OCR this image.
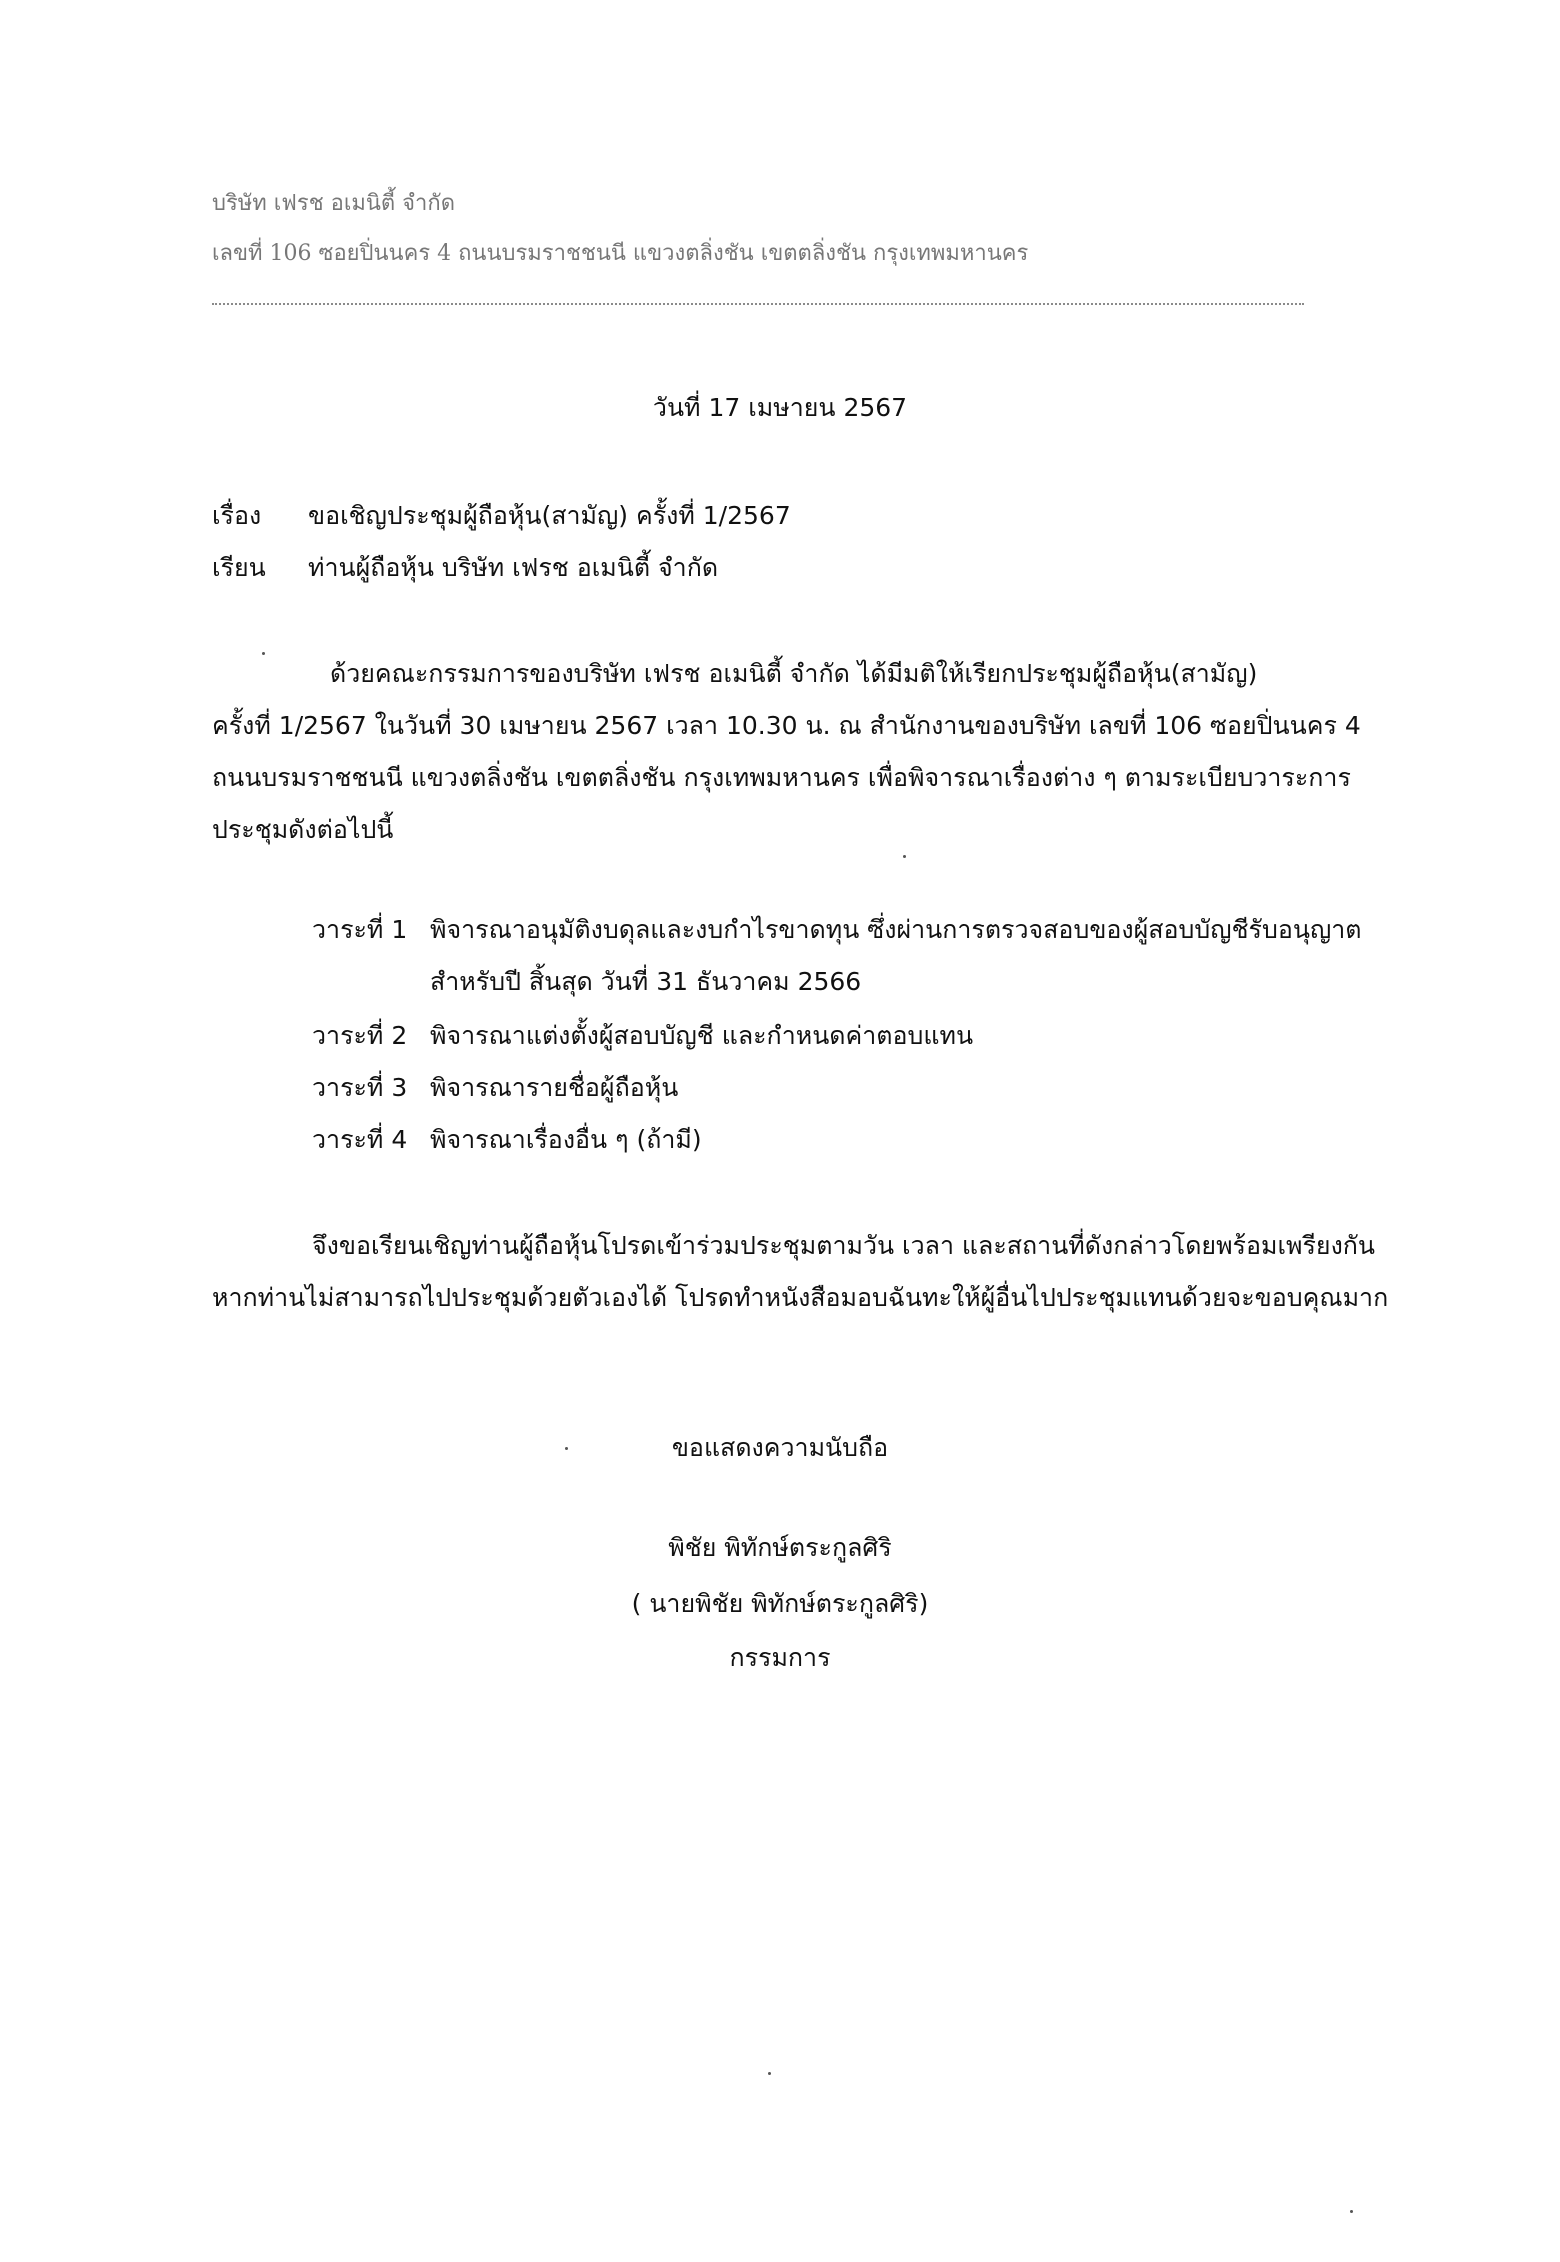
บริษัท เฟรช อเมนิตี้ จำกัด
เลขที่ 106 ซอยปิ่นนคร 4 ถนนบรมราชชนนี แขวงตลิ่งชัน เขตตลิ่งชัน กรุงเทพมหานคร
วันที่ 17 เมษายน 2567
เรื่อง ขอเชิญประชุมผู้ถือหุ้น(สามัญ) ครั้งที่ 1/2567
เรียน ท่านผู้ถือหุ้น บริษัท เฟรช อเมนิตี้ จำกัด
ด้วยคณะกรรมการของบริษัท เฟรช อเมนิตี้ จำกัด ได้มีมติให้เรียกประชุมผู้ถือหุ้น(สามัญ)
ครั้งที่ 1/2567 ในวันที่ 30 เมษายน 2567 เวลา 10.30 น. ณ สำนักงานของบริษัท เลขที่ 106 ซอยปิ่นนคร 4
ถนนบรมราชชนนี แขวงตลิ่งชัน เขตตลิ่งชัน กรุงเทพมหานคร เพื่อพิจารณาเรื่องต่าง ๆ ตามระเบียบวาระการ
ประชุมดังต่อไปนี้
วาระที่ 1 พิจารณาอนุมัติงบดุลและงบกำไรขาดทุน ซึ่งผ่านการตรวจสอบของผู้สอบบัญชีรับอนุญาต
สำหรับปี สิ้นสุด วันที่ 31 ธันวาคม 2566
วาระที่ 2 พิจารณาแต่งตั้งผู้สอบบัญชี และกำหนดค่าตอบแทน
วาระที่ 3 พิจารณารายชื่อผู้ถือหุ้น
วาระที่ 4 พิจารณาเรื่องอื่น ๆ (ถ้ามี)
จึงขอเรียนเชิญท่านผู้ถือหุ้นโปรดเข้าร่วมประชุมตามวัน เวลา และสถานที่ดังกล่าวโดยพร้อมเพรียงกัน
หากท่านไม่สามารถไปประชุมด้วยตัวเองได้ โปรดทำหนังสือมอบฉันทะให้ผู้อื่นไปประชุมแทนด้วยจะขอบคุณมาก
ขอแสดงความนับถือ
พิชัย พิทักษ์ตระกูลศิริ
( นายพิชัย พิทักษ์ตระกูลศิริ)
กรรมการ
